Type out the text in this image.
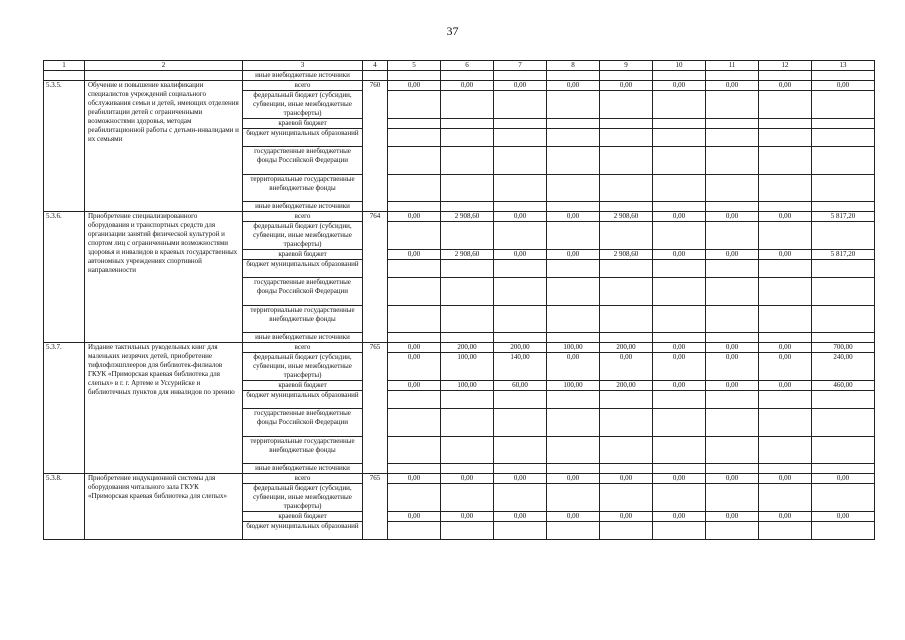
37
1	2	3	4	5	6	7	8	9	10	11	12	13
		иные внебюджетные источники										
5.3.5.	Обучение и повышение квалификации специалистов учреждений социального обслуживания семьи и детей, имеющих отделения реабилитации детей с ограниченными возможностями здоровья, методам реабилитационной работы с детьми-инвалидами и их семьями	всего	760	0,00	0,00	0,00	0,00	0,00	0,00	0,00	0,00	0,00
		федеральный бюджет (субсидии, субвенции, иные межбюджетные трансферты)										
		краевой бюджет										
		бюджет муниципальных образований										
		государственные внебюджетные фонды Российской Федерации										
		территориальные государственные внебюджетные фонды										
		иные внебюджетные источники										
5.3.6.	Приобретение специализированного оборудования и транспортных средств для организации занятий физической культурой и спортом лиц с ограниченными возможностями здоровья и инвалидов в краевых государственных автономных учреждениях спортивной направленности	всего	764	0,00	2 908,60	0,00	0,00	2 908,60	0,00	0,00	0,00	5 817,20
		федеральный бюджет (субсидии, субвенции, иные межбюджетные трансферты)										
		краевой бюджет		0,00	2 908,60	0,00	0,00	2 908,60	0,00	0,00	0,00	5 817,20
		бюджет муниципальных образований										
		государственные внебюджетные фонды Российской Федерации										
		территориальные государственные внебюджетные фонды										
		иные внебюджетные источники										
5.3.7.	Издание тактильных рукодельных книг для маленьких незрячих детей, приобретение тифлофлэшплееров для библиотек-филиалов ГКУК «Приморская краевая библиотека для слепых» в г. г. Артеме и Уссурийске и библиотечных пунктов для инвалидов по зрению	всего	765	0,00	200,00	200,00	100,00	200,00	0,00	0,00	0,00	700,00
		федеральный бюджет (субсидии, субвенции, иные межбюджетные трансферты)		0,00	100,00	140,00	0,00	0,00	0,00	0,00	0,00	240,00
		краевой бюджет		0,00	100,00	60,00	100,00	200,00	0,00	0,00	0,00	460,00
		бюджет муниципальных образований										
		государственные внебюджетные фонды Российской Федерации										
		территориальные государственные внебюджетные фонды										
		иные внебюджетные источники										
5.3.8.	Приобретение индукционной системы для оборудования читального зала ГКУК «Приморская краевая библиотека для слепых»	всего	765	0,00	0,00	0,00	0,00	0,00	0,00	0,00	0,00	0,00
		федеральный бюджет (субсидии, субвенции, иные межбюджетные трансферты)										
		краевой бюджет		0,00	0,00	0,00	0,00	0,00	0,00	0,00	0,00	0,00
		бюджет муниципальных образований										
